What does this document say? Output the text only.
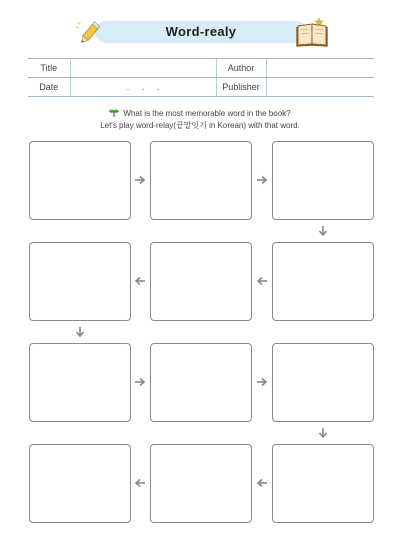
Word-realy
Title		Author	
Date	.     .     .	Publisher	
What is the most memorable word in the book?
Let's play word-relay(끝말잇기 in Korean) with that word.
